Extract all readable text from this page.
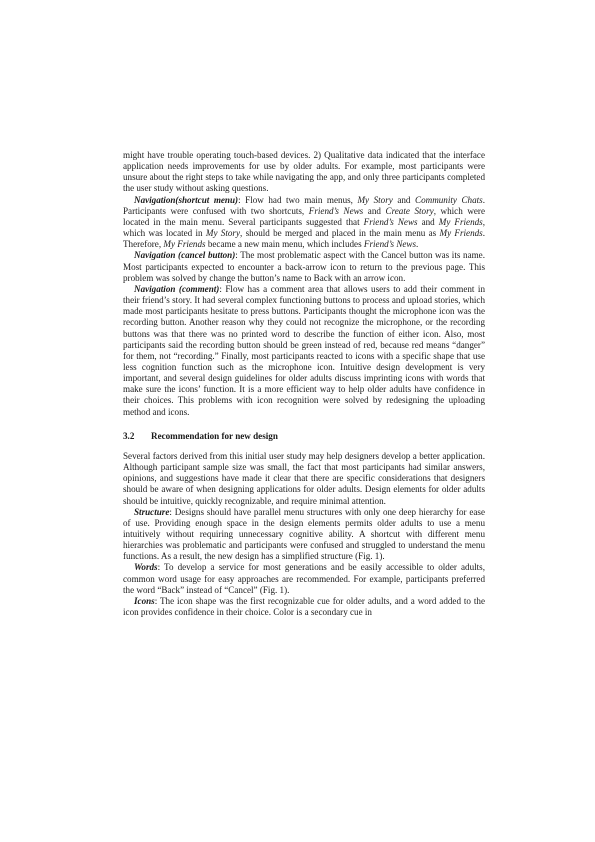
might have trouble operating touch-based devices. 2) Qualitative data indicated that the interface application needs improvements for use by older adults. For example, most participants were unsure about the right steps to take while navigating the app, and only three participants completed the user study without asking questions.

Navigation(shortcut menu): Flow had two main menus, My Story and Community Chats. Participants were confused with two shortcuts, Friend’s News and Create Story, which were located in the main menu. Several participants suggested that Friend’s News and My Friends, which was located in My Story, should be merged and placed in the main menu as My Friends. Therefore, My Friends became a new main menu, which includes Friend’s News.

Navigation (cancel button): The most problematic aspect with the Cancel button was its name. Most participants expected to encounter a back-arrow icon to return to the previous page. This problem was solved by change the button’s name to Back with an arrow icon.

Navigation (comment): Flow has a comment area that allows users to add their comment in their friend’s story. It had several complex functioning buttons to process and upload stories, which made most participants hesitate to press buttons. Participants thought the microphone icon was the recording button. Another reason why they could not recognize the microphone, or the recording buttons was that there was no printed word to describe the function of either icon. Also, most participants said the recording button should be green instead of red, because red means “danger” for them, not “recording.” Finally, most participants reacted to icons with a specific shape that use less cognition function such as the microphone icon. Intuitive design development is very important, and several design guidelines for older adults discuss imprinting icons with words that make sure the icons’ function. It is a more efficient way to help older adults have confidence in their choices. This problems with icon recognition were solved by redesigning the uploading method and icons.

3.2	Recommendation for new design

Several factors derived from this initial user study may help designers develop a better application. Although participant sample size was small, the fact that most participants had similar answers, opinions, and suggestions have made it clear that there are specific considerations that designers should be aware of when designing applications for older adults. Design elements for older adults should be intuitive, quickly recognizable, and require minimal attention.

Structure: Designs should have parallel menu structures with only one deep hierarchy for ease of use. Providing enough space in the design elements permits older adults to use a menu intuitively without requiring unnecessary cognitive ability. A shortcut with different menu hierarchies was problematic and participants were confused and struggled to understand the menu functions. As a result, the new design has a simplified structure (Fig. 1).

Words: To develop a service for most generations and be easily accessible to older adults, common word usage for easy approaches are recommended. For example, participants preferred the word “Back” instead of “Cancel” (Fig. 1).

Icons: The icon shape was the first recognizable cue for older adults, and a word added to the icon provides confidence in their choice. Color is a secondary cue in
